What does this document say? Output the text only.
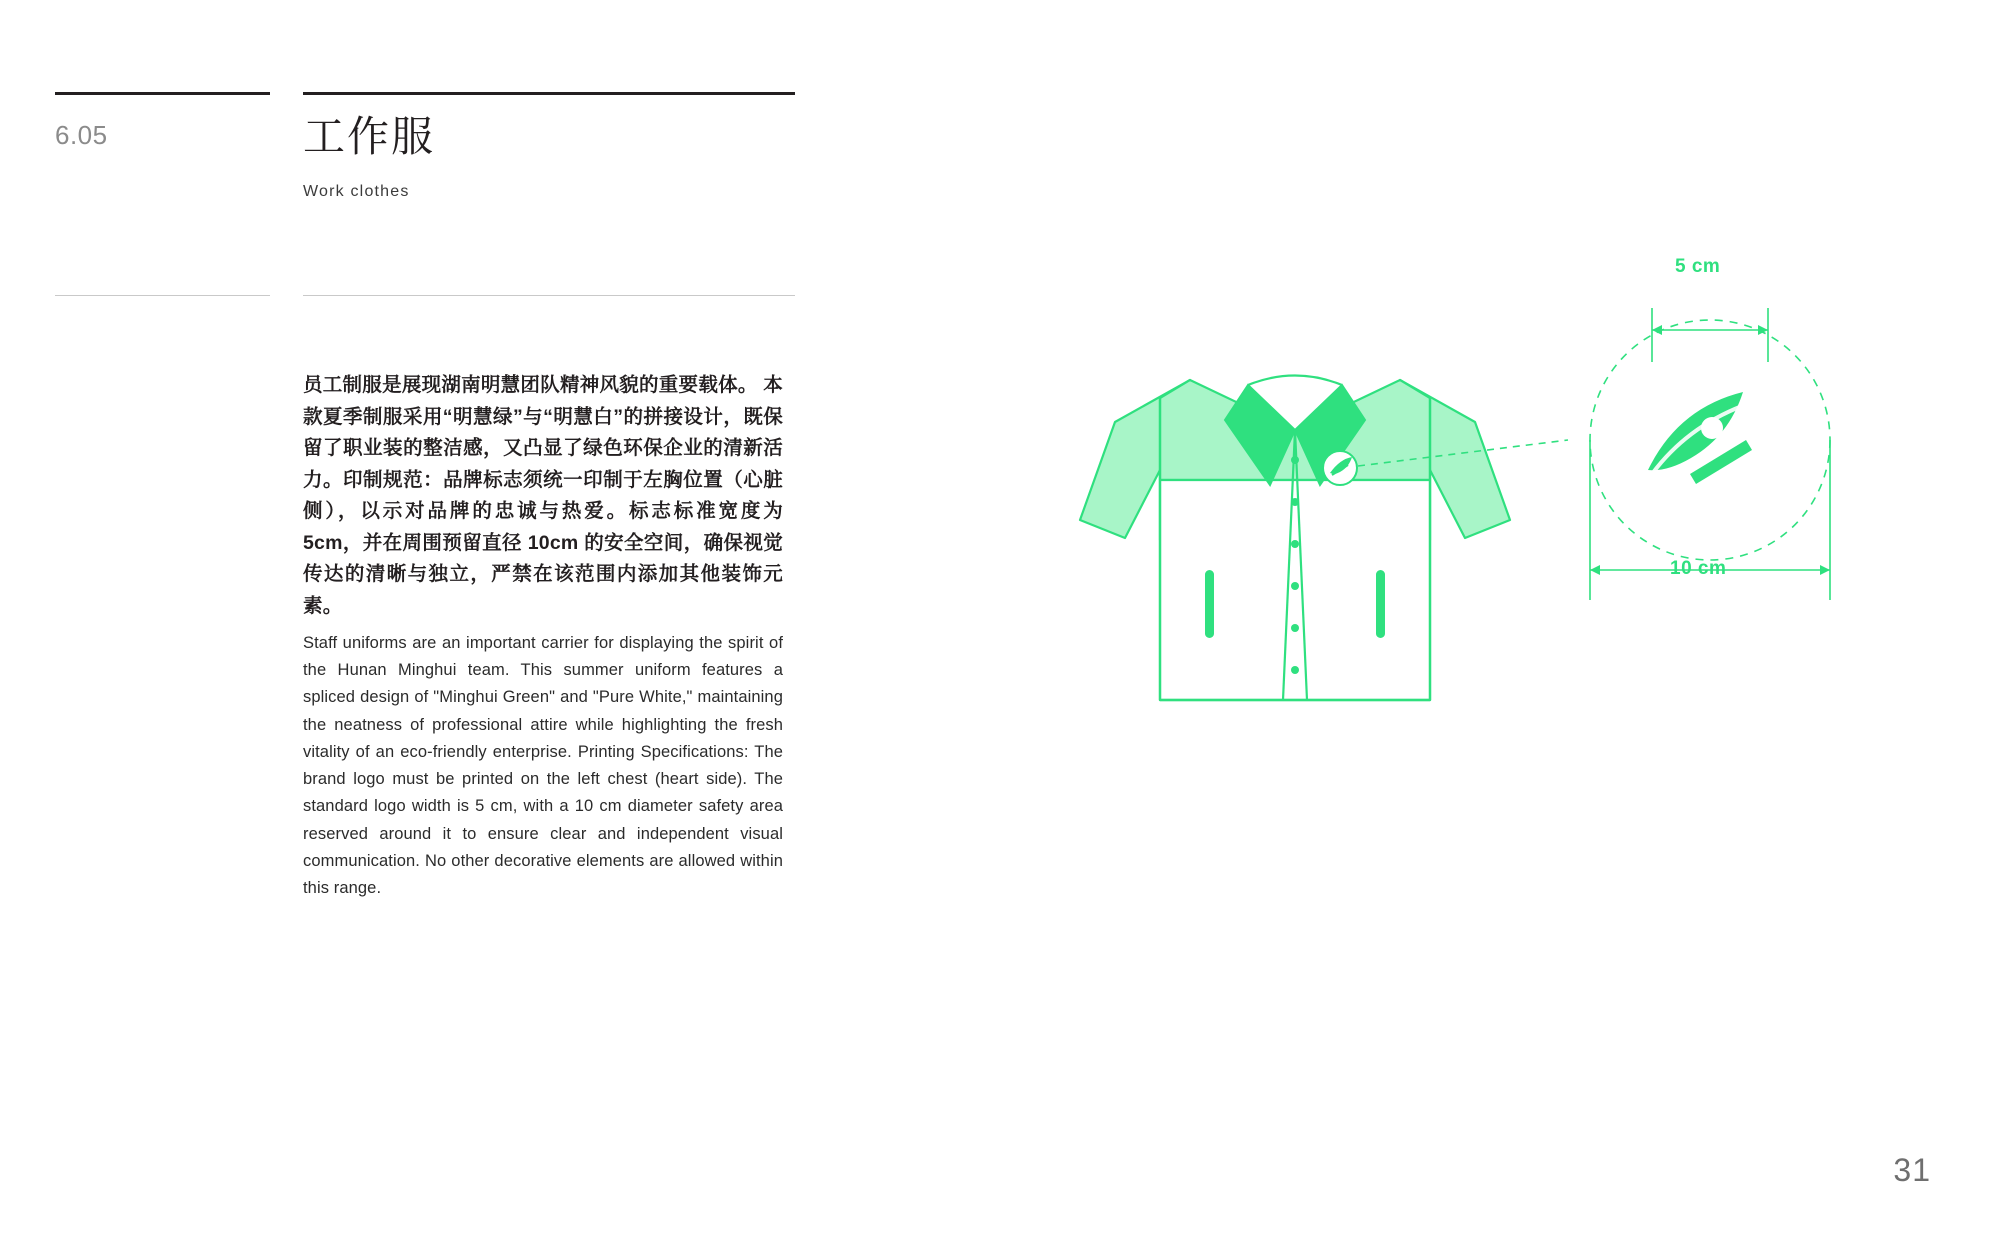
6.05	工作服
Work clothes
员工制服是展现湖南明慧团队精神风貌的重要载体。 本款夏季制服采用“明慧绿”与“明慧白”的拼接设计，既保留了职业装的整洁感，又凸显了绿色环保企业的清新活力。印制规范：品牌标志须统一印制于左胸位置（心脏侧），以示对品牌的忠诚与热爱。标志标准宽度为 5cm，并在周围预留直径 10cm 的安全空间，确保视觉传达的清晰与独立，严禁在该范围内添加其他装饰元素。
Staff uniforms are an important carrier for displaying the spirit of the Hunan Minghui team. This summer uniform features a spliced design of "Minghui Green" and "Pure White," maintaining the neatness of professional attire while highlighting the fresh vitality of an eco-friendly enterprise. Printing Specifications: The brand logo must be printed on the left chest (heart side). The standard logo width is 5 cm, with a 10 cm diameter safety area reserved around it to ensure clear and independent visual communication. No other decorative elements are allowed within this range.
5 cm
10 cm
31
